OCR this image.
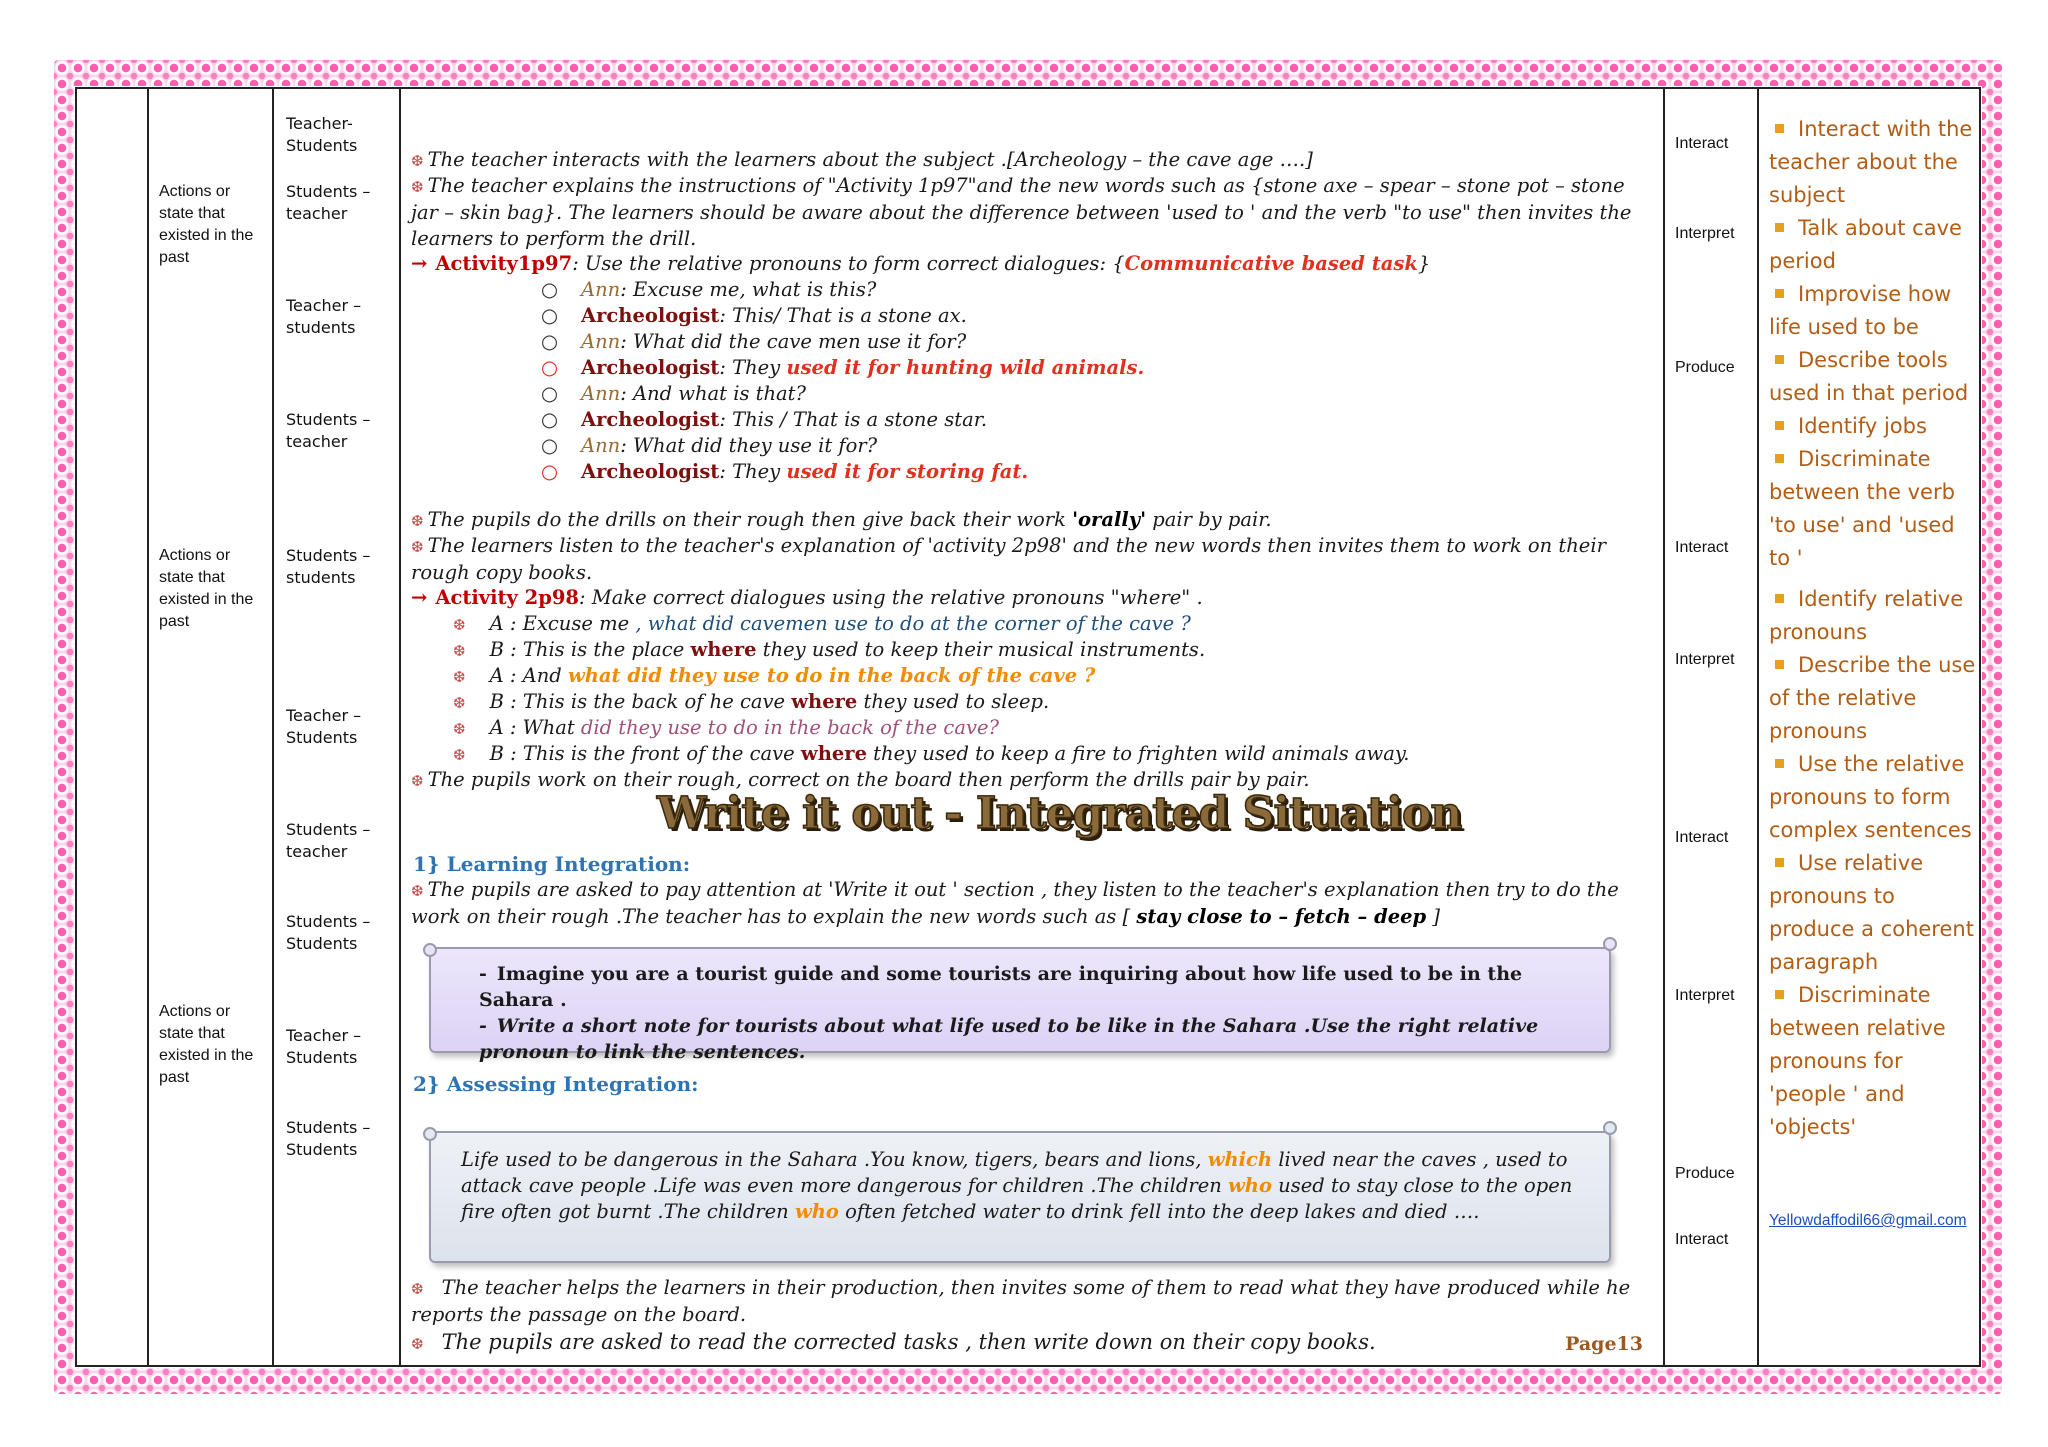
Actions or state that existed in the past
Actions or state that existed in the past
Actions or state that existed in the past
Teacher-Students
Students – teacher
Teacher – students
Students – teacher
Students – students
Teacher – Students
Students – teacher
Students – Students
Teacher – Students
Students – Students
❆ The teacher interacts with the learners about the subject .[Archeology – the cave age ….]
❆ The teacher explains the instructions of "Activity 1p97"and the new words such as {stone axe – spear – stone pot – stone jar – skin bag}. The learners should be aware about the difference between 'used to ' and the verb "to use" then invites the learners to perform the drill.
→ Activity1p97: Use the relative pronouns to form correct dialogues: {Communicative based task}
○ Ann: Excuse me, what is this?
○ Archeologist: This/ That is a stone ax.
○ Ann: What did the cave men use it for?
○ Archeologist: They used it for hunting wild animals.
○ Ann: And what is that?
○ Archeologist: This / That is a stone star.
○ Ann: What did they use it for?
○ Archeologist: They used it for storing fat.
❆ The pupils do the drills on their rough then give back their work 'orally' pair by pair.
❆ The learners listen to the teacher's explanation of 'activity 2p98' and the new words then invites them to work on their rough copy books.
→ Activity 2p98: Make correct dialogues using the relative pronouns "where" .
❆ A : Excuse me , what did cavemen use to do at the corner of the cave ?
❆ B : This is the place where they used to keep their musical instruments.
❆ A : And what did they use to do in the back of the cave ?
❆ B : This is the back of he cave where they used to sleep.
❆ A : What did they use to do in the back of the cave?
❆ B : This is the front of the cave where they used to keep a fire to frighten wild animals away.
❆ The pupils work on their rough, correct on the board then perform the drills pair by pair.
Write it out - Integrated Situation
1} Learning Integration:
❆ The pupils are asked to pay attention at 'Write it out ' section , they listen to the teacher's explanation then try to do the work on their rough .The teacher has to explain the new words such as [ stay close to – fetch – deep ]
- Imagine you are a tourist guide and some tourists are inquiring about how life used to be in the Sahara .
- Write a short note for tourists about what life used to be like in the Sahara .Use the right relative pronoun to link the sentences.
2} Assessing Integration:
Life used to be dangerous in the Sahara .You know, tigers, bears and lions, which lived near the caves , used to attack cave people .Life was even more dangerous for children .The children who used to stay close to the open fire often got burnt .The children who often fetched water to drink fell into the deep lakes and died ….
❆ The teacher helps the learners in their production, then invites some of them to read what they have produced while he reports the passage on the board.
❆ The pupils are asked to read the corrected tasks , then write down on their copy books.	Page13
Interact
Interpret
Produce
Interact
Interpret
Interact
Interpret
Produce
Interact
Interact with the teacher about the subject
Talk about cave period
Improvise how life used to be
Describe tools used in that period
Identify jobs
Discriminate between the verb 'to use' and 'used to '
Identify relative pronouns
Describe the use of the relative pronouns
Use the relative pronouns to form complex sentences
Use relative pronouns to produce a coherent paragraph
Discriminate between relative pronouns for 'people ' and 'objects'
Yellowdaffodil66@gmail.com
